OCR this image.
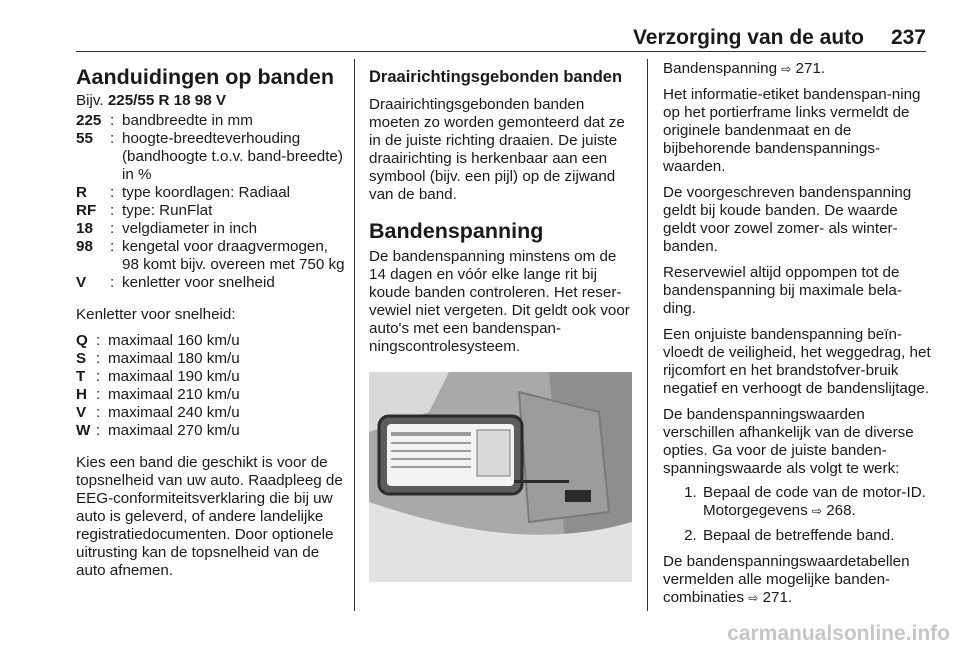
Verzorging van de auto 237
Aanduidingen op banden

Bijv. 225/55 R 18 98 V

225 : bandbreedte in mm
55	: hoogte-breedteverhouding (bandhoogte t.o.v. band-breedte) in %
R	: type koordlagen: Radiaal
RF : type: RunFlat
18	: velgdiameter in inch
98	: kengetal voor draagvermogen, 98 komt bijv. overeen met 750 kg
V	: kenletter voor snelheid

Kenletter voor snelheid:

Q : maximaal 160 km/u
S : maximaal 180 km/u
T : maximaal 190 km/u
H : maximaal 210 km/u
V : maximaal 240 km/u
W : maximaal 270 km/u

Kies een band die geschikt is voor de topsnelheid van uw auto. Raadpleeg de EEG-conformiteitsverklaring die bij uw auto is geleverd, of andere landelijke registratiedocumenten. Door optionele uitrusting kan de topsnelheid van de auto afnemen.

Draairichtingsgebonden banden

Draairichtingsgebonden banden moeten zo worden gemonteerd dat ze in de juiste richting draaien. De juiste draairichting is herkenbaar aan een symbool (bijv. een pijl) op de zijwand van de band.

Bandenspanning

De bandenspanning minstens om de 14 dagen en vóór elke lange rit bij koude banden controleren. Het reser-vewiel niet vergeten. Dit geldt ook voor auto's met een bandenspan-ningscontrolesysteem.

Bandenspanning ⇨ 271.

Het informatie-etiket bandenspan-ning op het portierframe links vermeldt de originele bandenmaat en de bijbehorende bandenspannings-waarden.

De voorgeschreven bandenspanning geldt bij koude banden. De waarde geldt voor zowel zomer- als winter-banden.

Reservewiel altijd oppompen tot de bandenspanning bij maximale bela-ding.

Een onjuiste bandenspanning beïn-vloedt de veiligheid, het weggedrag, het rijcomfort en het brandstofver-bruik negatief en verhoogt de bandenslijtage.

De bandenspanningswaarden verschillen afhankelijk van de diverse opties. Ga voor de juiste banden-spanningswaarde als volgt te werk:

1. Bepaal de code van de motor-ID. Motorgegevens ⇨ 268.
2. Bepaal de betreffende band.

De bandenspanningswaardetabellen vermelden alle mogelijke banden-combinaties ⇨ 271.

carmanualsonline.info
